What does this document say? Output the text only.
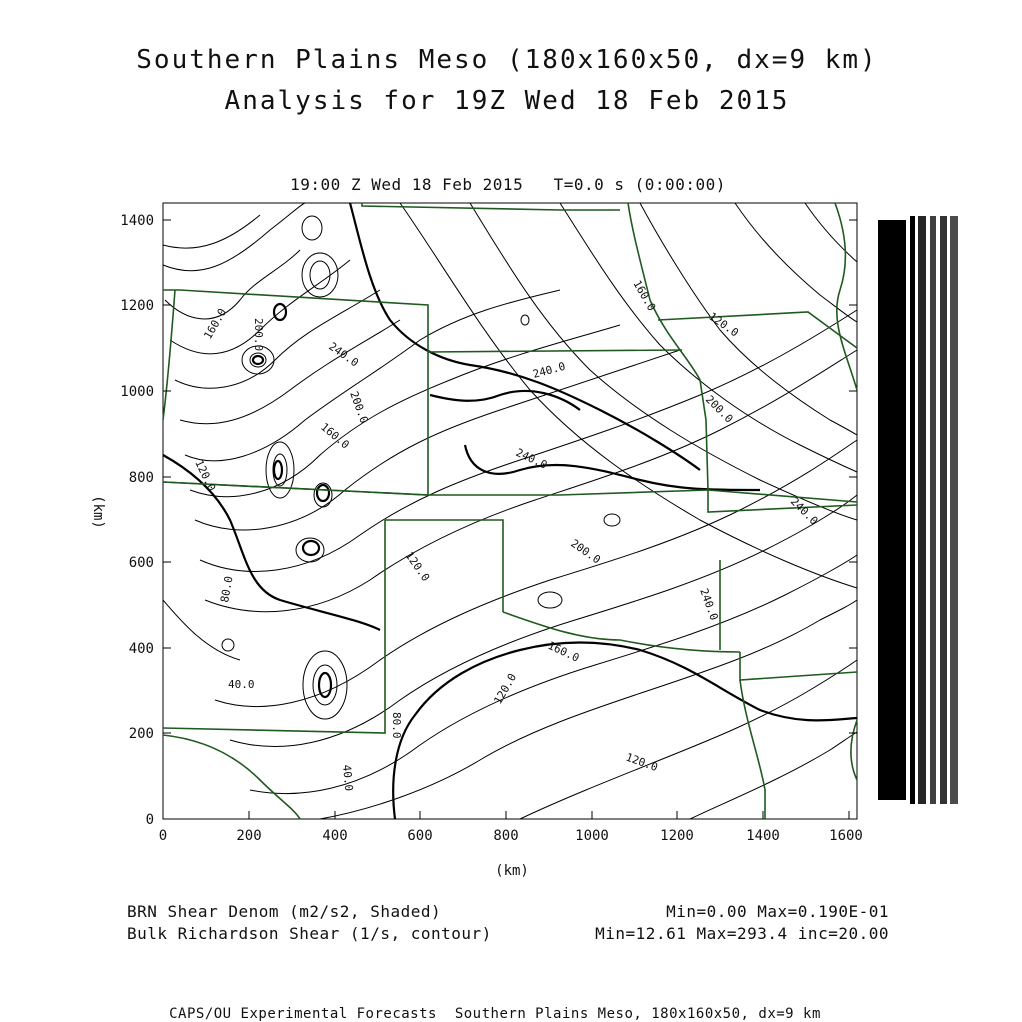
Southern Plains Meso (180x160x50, dx=9 km)
Analysis for 19Z Wed 18 Feb 2015
19:00 Z Wed 18 Feb 2015   T=0.0 s (0:00:00)
160.0 200.0
240.0
200.0
160.0
120.0
80.0
40.0
80.0
40.0
160.0
120.0
120.0
120.0
240.0
240.0
200.0
160.0
120.0
200.0
240.0
240.0
0	200	400	600	800	1000	1200	1400	1600
0
200
400
600
800
1000
1200
1400
(km)
(km)
BRN Shear Denom (m2/s2, Shaded)
Bulk Richardson Shear (1/s, contour)
Min=0.00 Max=0.190E-01
Min=12.61 Max=293.4 inc=20.00
CAPS/OU Experimental Forecasts  Southern Plains Meso, 180x160x50, dx=9 km
